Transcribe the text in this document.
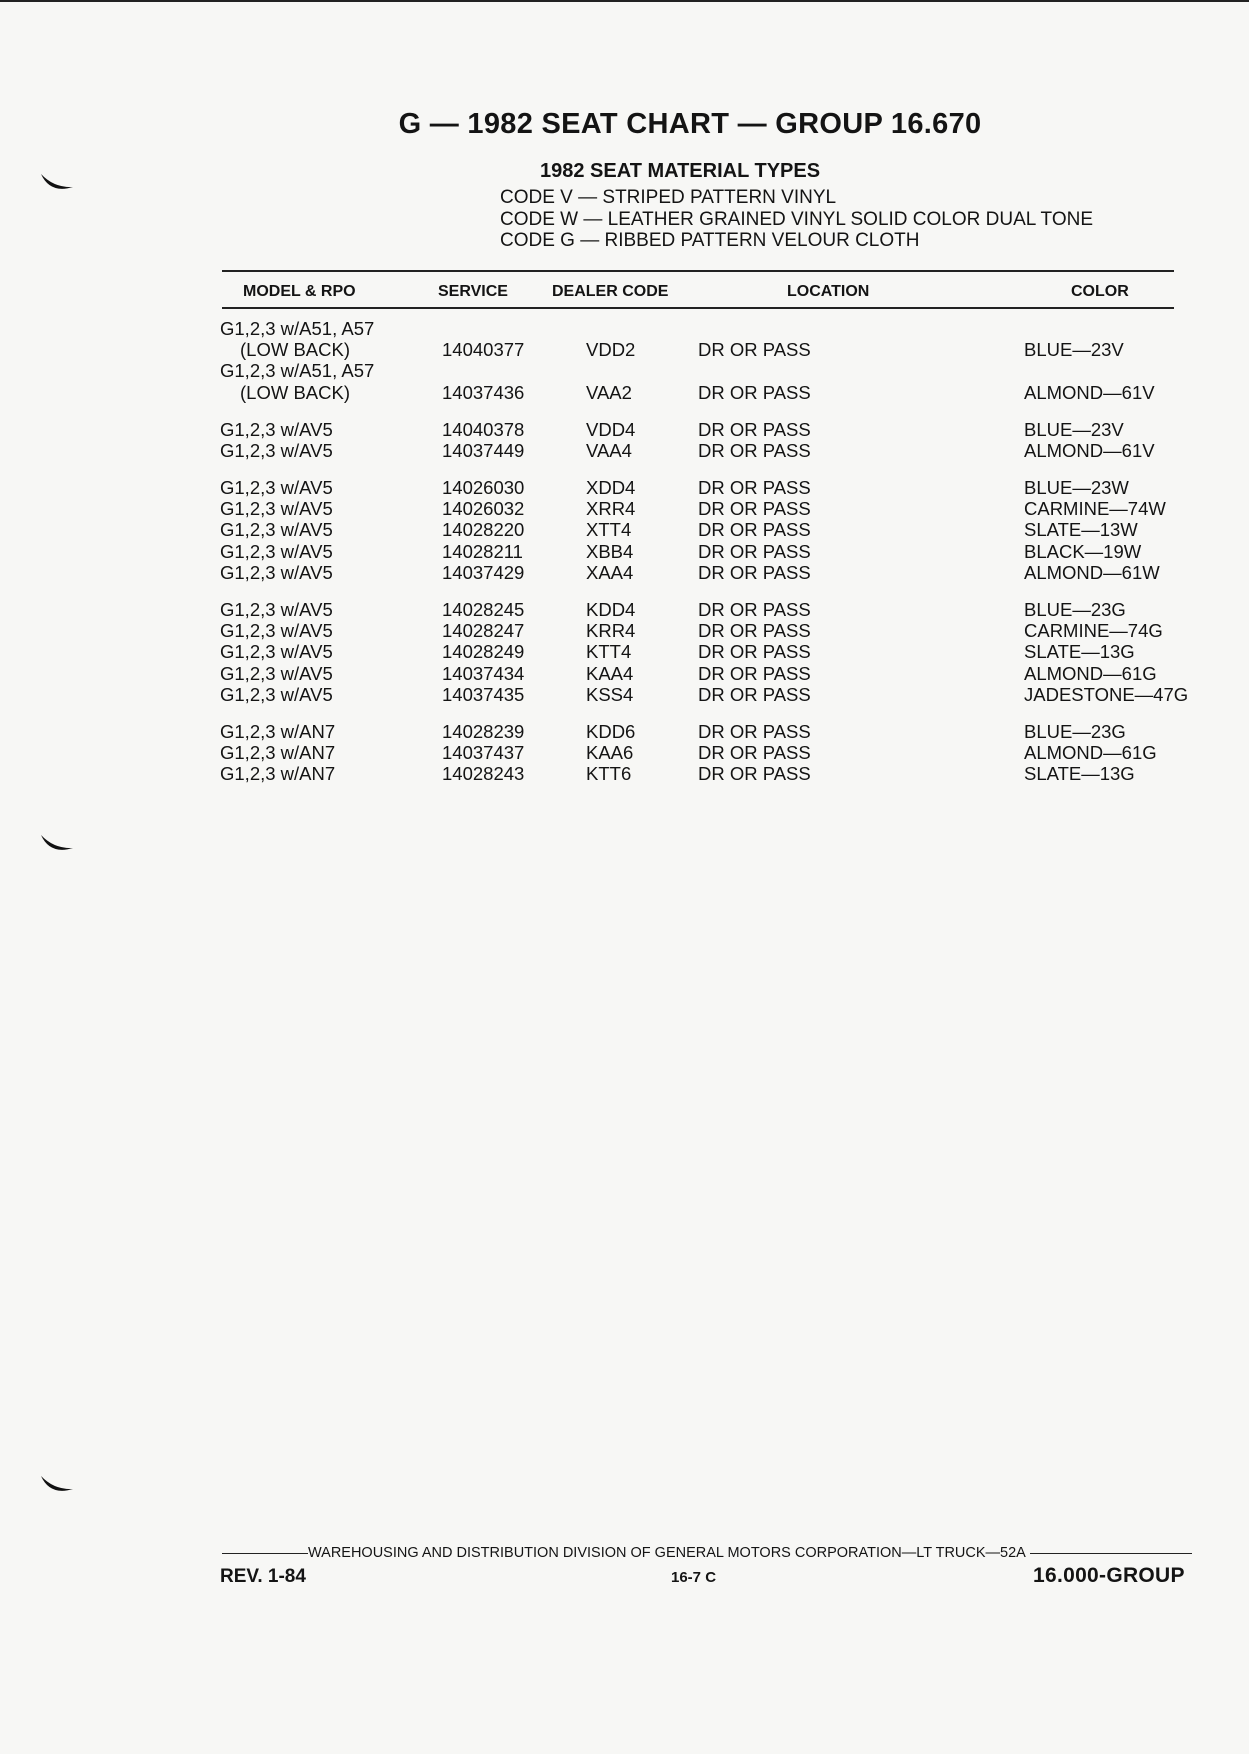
G — 1982 SEAT CHART — GROUP 16.670
1982 SEAT MATERIAL TYPES
CODE V — STRIPED PATTERN VINYL
CODE W — LEATHER GRAINED VINYL SOLID COLOR DUAL TONE
CODE G — RIBBED PATTERN VELOUR CLOTH
MODEL & RPO	SERVICE	DEALER CODE	LOCATION	COLOR
G1,2,3 w/A51, A57
(LOW BACK)	14040377	VDD2	DR OR PASS	BLUE—23V
G1,2,3 w/A51, A57
(LOW BACK)	14037436	VAA2	DR OR PASS	ALMOND—61V
G1,2,3 w/AV5	14040378	VDD4	DR OR PASS	BLUE—23V
G1,2,3 w/AV5	14037449	VAA4	DR OR PASS	ALMOND—61V
G1,2,3 w/AV5	14026030	XDD4	DR OR PASS	BLUE—23W
G1,2,3 w/AV5	14026032	XRR4	DR OR PASS	CARMINE—74W
G1,2,3 w/AV5	14028220	XTT4	DR OR PASS	SLATE—13W
G1,2,3 w/AV5	14028211	XBB4	DR OR PASS	BLACK—19W
G1,2,3 w/AV5	14037429	XAA4	DR OR PASS	ALMOND—61W
G1,2,3 w/AV5	14028245	KDD4	DR OR PASS	BLUE—23G
G1,2,3 w/AV5	14028247	KRR4	DR OR PASS	CARMINE—74G
G1,2,3 w/AV5	14028249	KTT4	DR OR PASS	SLATE—13G
G1,2,3 w/AV5	14037434	KAA4	DR OR PASS	ALMOND—61G
G1,2,3 w/AV5	14037435	KSS4	DR OR PASS	JADESTONE—47G
G1,2,3 w/AN7	14028239	KDD6	DR OR PASS	BLUE—23G
G1,2,3 w/AN7	14037437	KAA6	DR OR PASS	ALMOND—61G
G1,2,3 w/AN7	14028243	KTT6	DR OR PASS	SLATE—13G
WAREHOUSING AND DISTRIBUTION DIVISION OF GENERAL MOTORS CORPORATION—LT TRUCK—52A
REV. 1-84	16-7 C	16.000-GROUP
